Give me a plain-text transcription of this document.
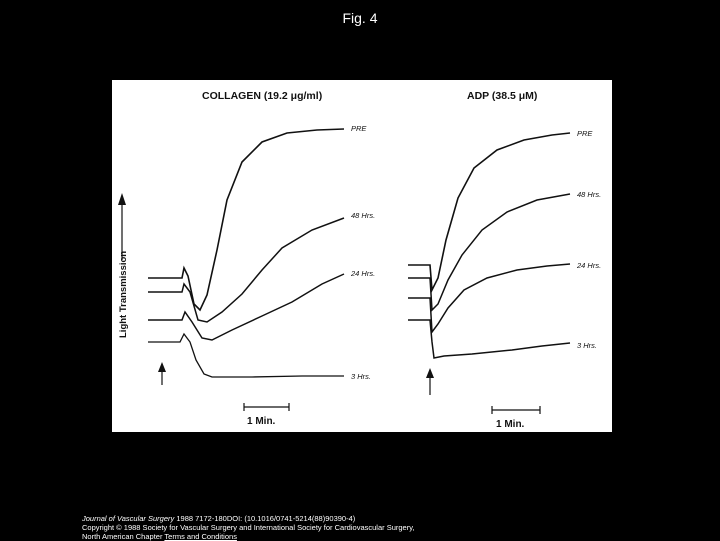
Fig. 4
Light Transmission
COLLAGEN (19.2 μg/ml)
PRE
48 Hrs.
24 Hrs.
3 Hrs.
1 Min.
ADP (38.5 μM)
PRE
48 Hrs.
24 Hrs.
3 Hrs.
1 Min.
Journal of Vascular Surgery 1988 7172-180DOI: (10.1016/0741-5214(88)90390-4)
Copyright © 1988 Society for Vascular Surgery and International Society for Cardiovascular Surgery,
North American Chapter Terms and Conditions
